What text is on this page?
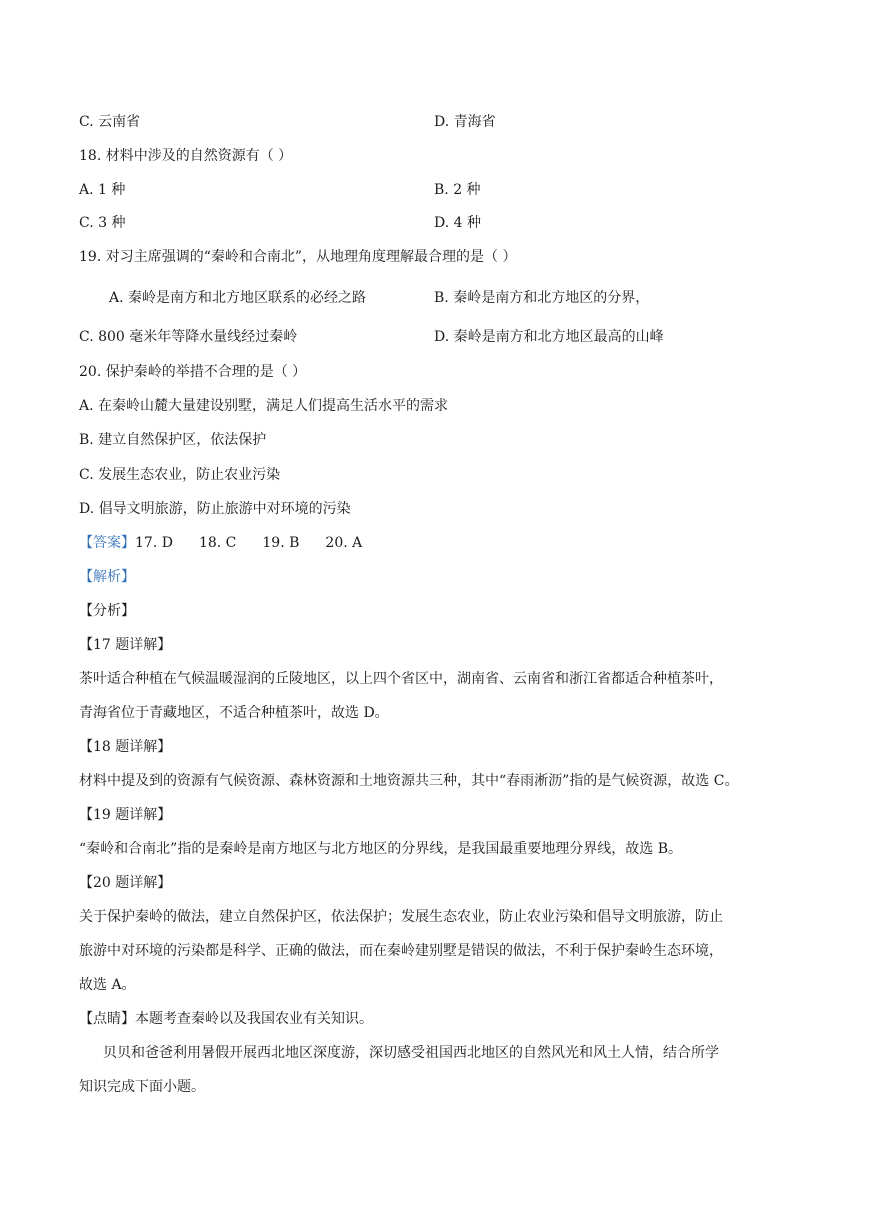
C. 云南省	D. 青海省
18. 材料中涉及的自然资源有（ ）
A. 1 种	B. 2 种
C. 3 种	D. 4 种
19. 对习主席强调的“秦岭和合南北”，从地理角度理解最合理的是（ ）
A. 秦岭是南方和北方地区联系的必经之路	B. 秦岭是南方和北方地区的分界，
C. 800 毫米年等降水量线经过秦岭	D. 秦岭是南方和北方地区最高的山峰
20. 保护秦岭的举措不合理的是（ ）
A. 在秦岭山麓大量建设别墅，满足人们提高生活水平的需求
B. 建立自然保护区，依法保护
C. 发展生态农业，防止农业污染
D. 倡导文明旅游，防止旅游中对环境的污染
【答案】17. D 18. C 19. B 20. A
【解析】
【分析】
【17 题详解】
茶叶适合种植在气候温暖湿润的丘陵地区，以上四个省区中，湖南省、云南省和浙江省都适合种植茶叶，
青海省位于青藏地区，不适合种植茶叶，故选 D。
【18 题详解】
材料中提及到的资源有气候资源、森林资源和土地资源共三种，其中“春雨淅沥”指的是气候资源，故选 C。
【19 题详解】
“秦岭和合南北”指的是秦岭是南方地区与北方地区的分界线，是我国最重要地理分界线，故选 B。
【20 题详解】
关于保护秦岭的做法，建立自然保护区，依法保护；发展生态农业，防止农业污染和倡导文明旅游，防止
旅游中对环境的污染都是科学、正确的做法，而在秦岭建别墅是错误的做法，不利于保护秦岭生态环境，
故选 A。
【点睛】本题考查秦岭以及我国农业有关知识。
贝贝和爸爸利用暑假开展西北地区深度游，深切感受祖国西北地区的自然风光和风土人情，结合所学
知识完成下面小题。
